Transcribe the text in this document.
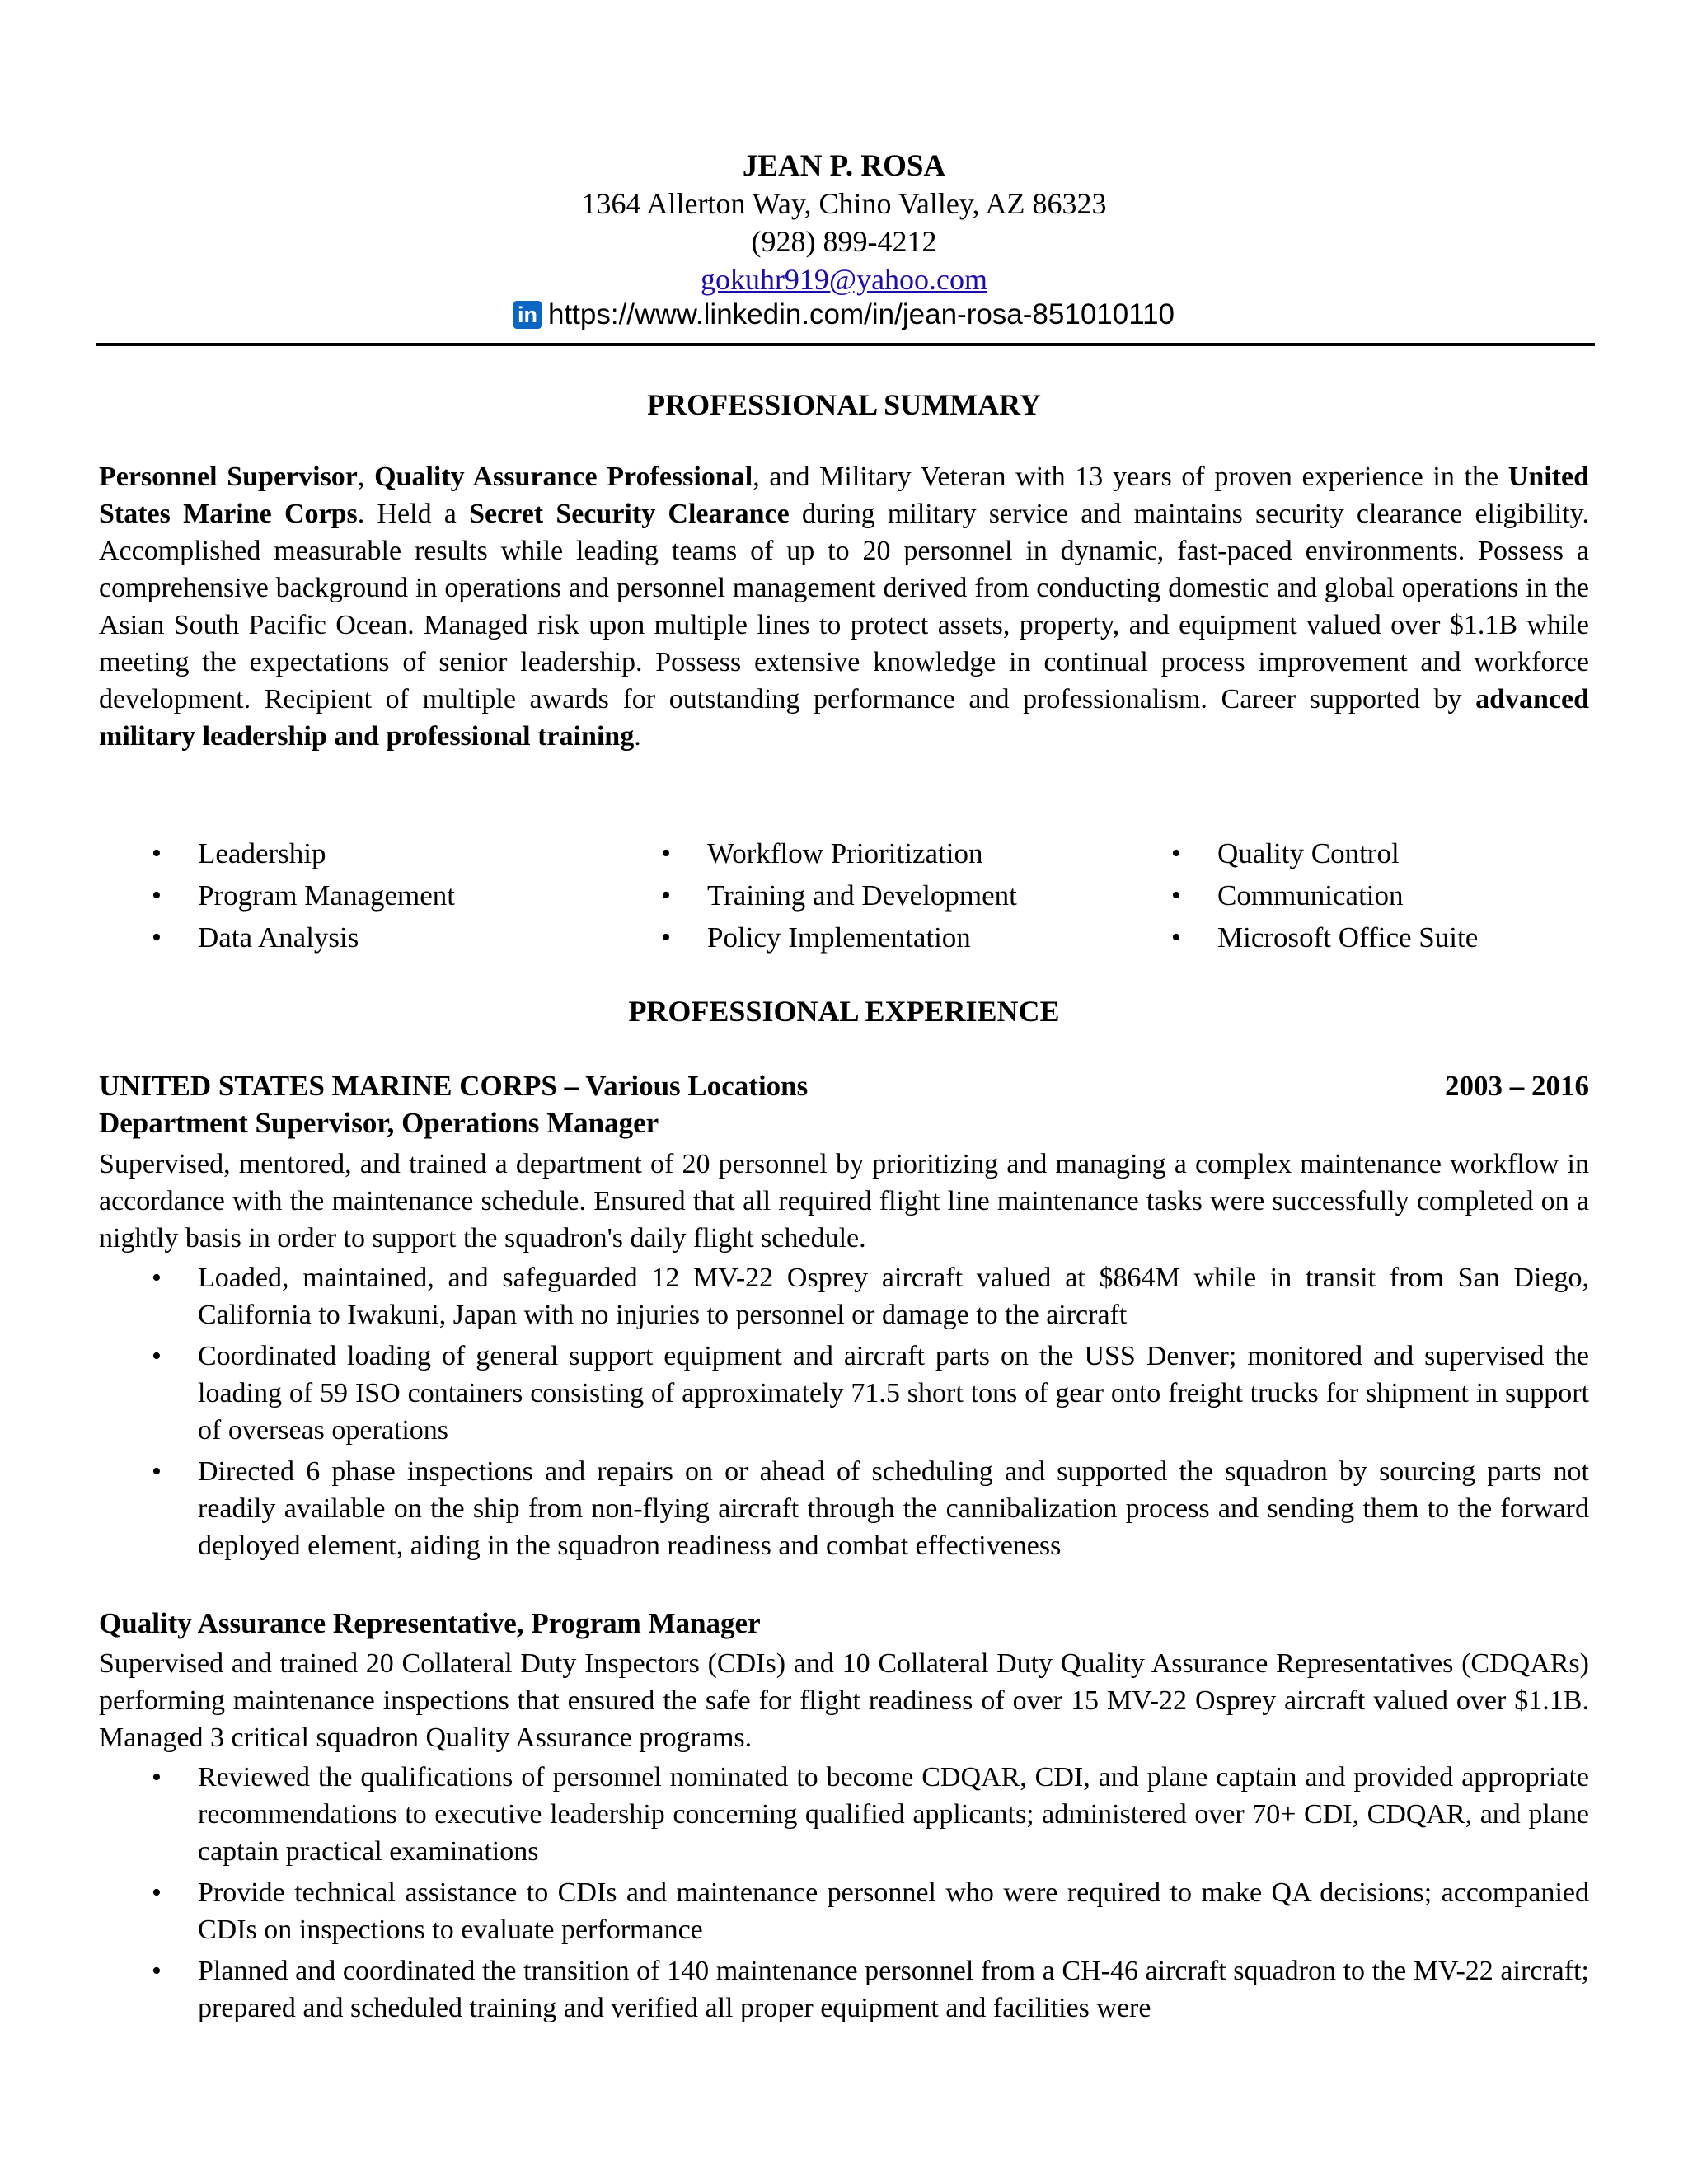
JEAN P. ROSA
1364 Allerton Way, Chino Valley, AZ 86323
(928) 899-4212
gokuhr919@yahoo.com
in https://www.linkedin.com/in/jean-rosa-851010110
PROFESSIONAL SUMMARY
Personnel Supervisor, Quality Assurance Professional, and Military Veteran with 13 years of proven experience in the United States Marine Corps. Held a Secret Security Clearance during military service and maintains security clearance eligibility. Accomplished measurable results while leading teams of up to 20 personnel in dynamic, fast-paced environments. Possess a comprehensive background in operations and personnel management derived from conducting domestic and global operations in the Asian South Pacific Ocean. Managed risk upon multiple lines to protect assets, property, and equipment valued over $1.1B while meeting the expectations of senior leadership. Possess extensive knowledge in continual process improvement and workforce development. Recipient of multiple awards for outstanding performance and professionalism. Career supported by advanced military leadership and professional training.
• Leadership
• Program Management
• Data Analysis
• Workflow Prioritization
• Training and Development
• Policy Implementation
• Quality Control
• Communication
• Microsoft Office Suite
PROFESSIONAL EXPERIENCE
UNITED STATES MARINE CORPS – Various Locations	2003 – 2016
Department Supervisor, Operations Manager
Supervised, mentored, and trained a department of 20 personnel by prioritizing and managing a complex maintenance workflow in accordance with the maintenance schedule. Ensured that all required flight line maintenance tasks were successfully completed on a nightly basis in order to support the squadron's daily flight schedule.
• Loaded, maintained, and safeguarded 12 MV-22 Osprey aircraft valued at $864M while in transit from San Diego, California to Iwakuni, Japan with no injuries to personnel or damage to the aircraft
• Coordinated loading of general support equipment and aircraft parts on the USS Denver; monitored and supervised the loading of 59 ISO containers consisting of approximately 71.5 short tons of gear onto freight trucks for shipment in support of overseas operations
• Directed 6 phase inspections and repairs on or ahead of scheduling and supported the squadron by sourcing parts not readily available on the ship from non-flying aircraft through the cannibalization process and sending them to the forward deployed element, aiding in the squadron readiness and combat effectiveness
Quality Assurance Representative, Program Manager
Supervised and trained 20 Collateral Duty Inspectors (CDIs) and 10 Collateral Duty Quality Assurance Representatives (CDQARs) performing maintenance inspections that ensured the safe for flight readiness of over 15 MV-22 Osprey aircraft valued over $1.1B. Managed 3 critical squadron Quality Assurance programs.
• Reviewed the qualifications of personnel nominated to become CDQAR, CDI, and plane captain and provided appropriate recommendations to executive leadership concerning qualified applicants; administered over 70+ CDI, CDQAR, and plane captain practical examinations
• Provide technical assistance to CDIs and maintenance personnel who were required to make QA decisions; accompanied CDIs on inspections to evaluate performance
• Planned and coordinated the transition of 140 maintenance personnel from a CH-46 aircraft squadron to the MV-22 aircraft; prepared and scheduled training and verified all proper equipment and facilities were
